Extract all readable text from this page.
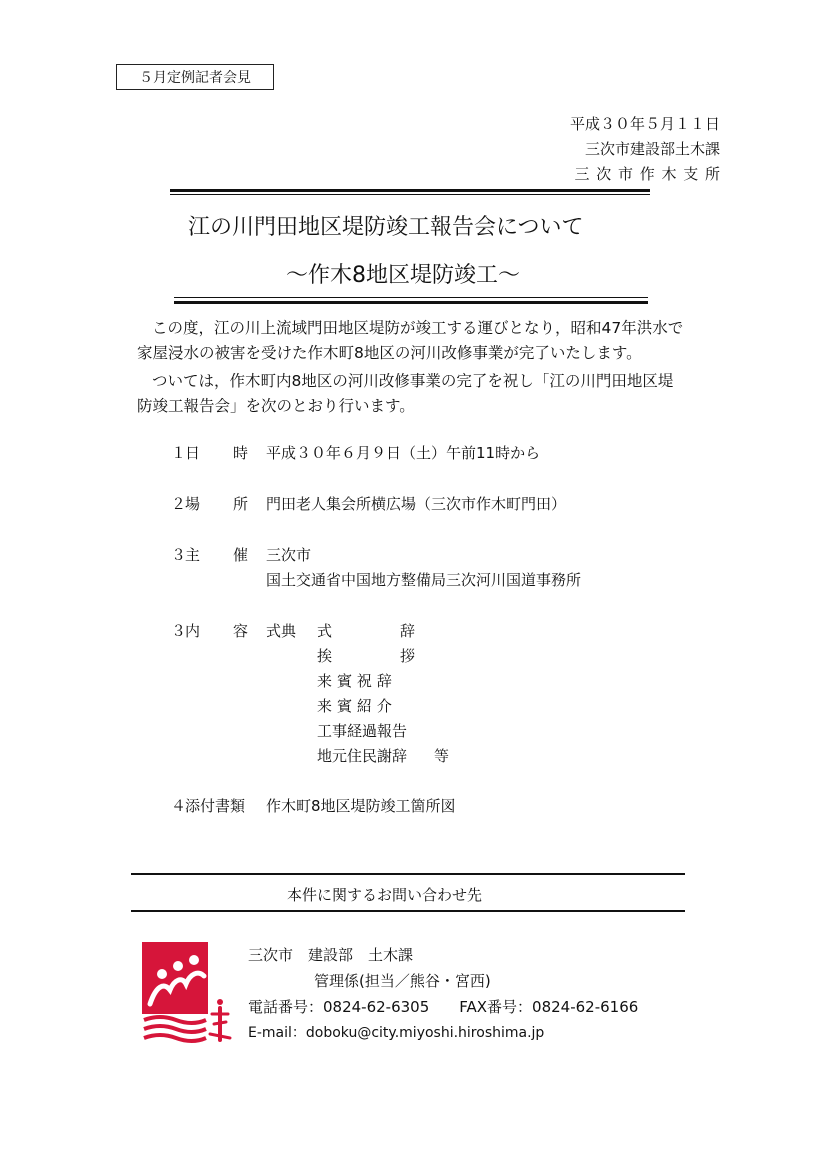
５月定例記者会見
平成３０年５月１１日
三次市建設部土木課
三次市作木支所
江の川門田地区堤防竣工報告会について
～作木8地区堤防竣工～
この度，江の川上流域門田地区堤防が竣工する運びとなり，昭和47年洪水で
家屋浸水の被害を受けた作木町8地区の河川改修事業が完了いたします。
ついては，作木町内8地区の河川改修事業の完了を祝し「江の川門田地区堤
防竣工報告会」を次のとおり行います。
１日 時 平成３０年６月９日（土）午前11時から
２場 所 門田老人集会所横広場（三次市作木町門田）
３主 催 三次市
国土交通省中国地方整備局三次河川国道事務所
３内 容 式典	式	辞
挨	拶
来賓祝辞
来賓紹介
工事経過報告
地元住民謝辞 等
４添付書類 作木町8地区堤防竣工箇所図
本件に関するお問い合わせ先
三次市　建設部　土木課
管理係(担当／熊谷・宮西)
電話番号：0824-62-6305　　FAX番号：0824-62-6166
E-mail：doboku@city.miyoshi.hiroshima.jp
